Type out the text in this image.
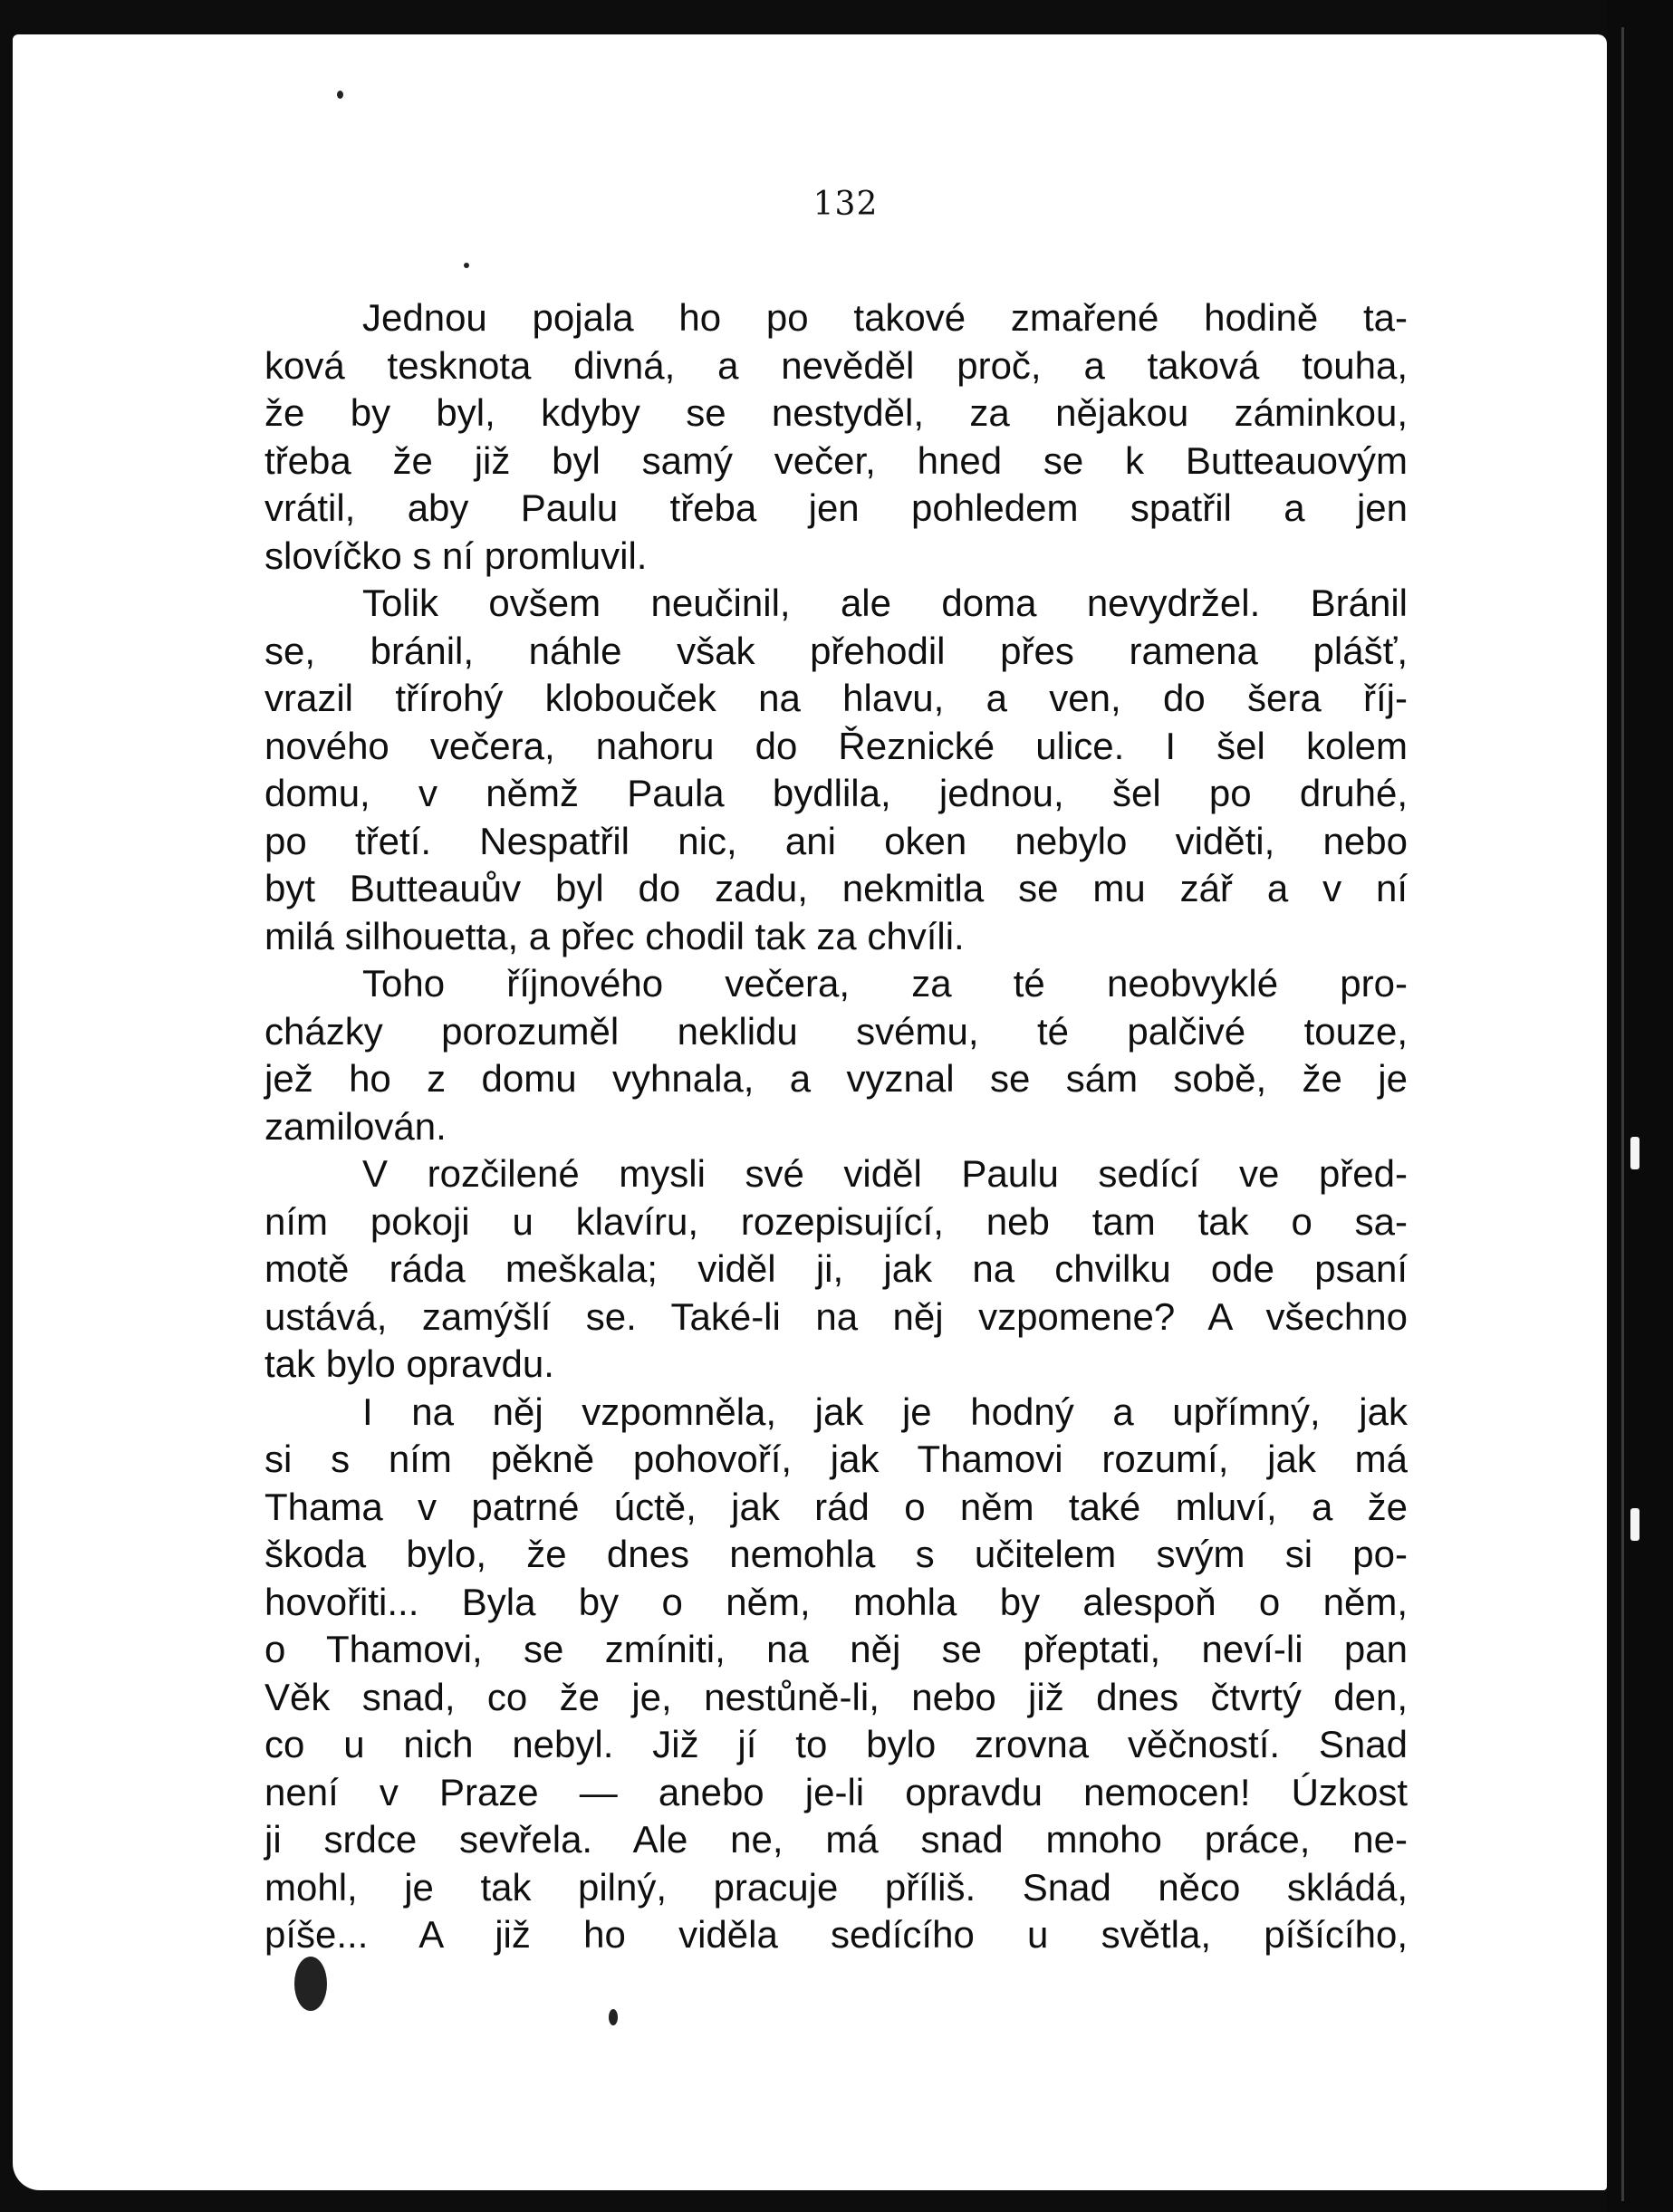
132
Jednou pojala ho po takové zmařené hodině ta-
ková tesknota divná, a nevěděl proč, a taková touha,
že by byl, kdyby se nestyděl, za nějakou záminkou,
třeba že již byl samý večer, hned se k Butteauovým
vrátil, aby Paulu třeba jen pohledem spatřil a jen
slovíčko s ní promluvil.
Tolik ovšem neučinil, ale doma nevydržel. Bránil
se, bránil, náhle však přehodil přes ramena plášť,
vrazil třírohý klobouček na hlavu, a ven, do šera říj-
nového večera, nahoru do Řeznické ulice. I šel kolem
domu, v němž Paula bydlila, jednou, šel po druhé,
po třetí. Nespatřil nic, ani oken nebylo viděti, nebo
byt Butteauův byl do zadu, nekmitla se mu zář a v ní
milá silhouetta, a přec chodil tak za chvíli.
Toho říjnového večera, za té neobvyklé pro-
cházky porozuměl neklidu svému, té palčivé touze,
jež ho z domu vyhnala, a vyznal se sám sobě, že je
zamilován.
V rozčilené mysli své viděl Paulu sedící ve před-
ním pokoji u klavíru, rozepisující, neb tam tak o sa-
motě ráda meškala; viděl ji, jak na chvilku ode psaní
ustává, zamýšlí se. Také-li na něj vzpomene? A všechno
tak bylo opravdu.
I na něj vzpomněla, jak je hodný a upřímný, jak
si s ním pěkně pohovoří, jak Thamovi rozumí, jak má
Thama v patrné úctě, jak rád o něm také mluví, a že
škoda bylo, že dnes nemohla s učitelem svým si po-
hovořiti... Byla by o něm, mohla by alespoň o něm,
o Thamovi, se zmíniti, na něj se přeptati, neví-li pan
Věk snad, co že je, nestůně-li, nebo již dnes čtvrtý den,
co u nich nebyl. Již jí to bylo zrovna věčností. Snad
není v Praze — anebo je-li opravdu nemocen! Úzkost
ji srdce sevřela. Ale ne, má snad mnoho práce, ne-
mohl, je tak pilný, pracuje příliš. Snad něco skládá,
píše... A již ho viděla sedícího u světla, píšícího,
